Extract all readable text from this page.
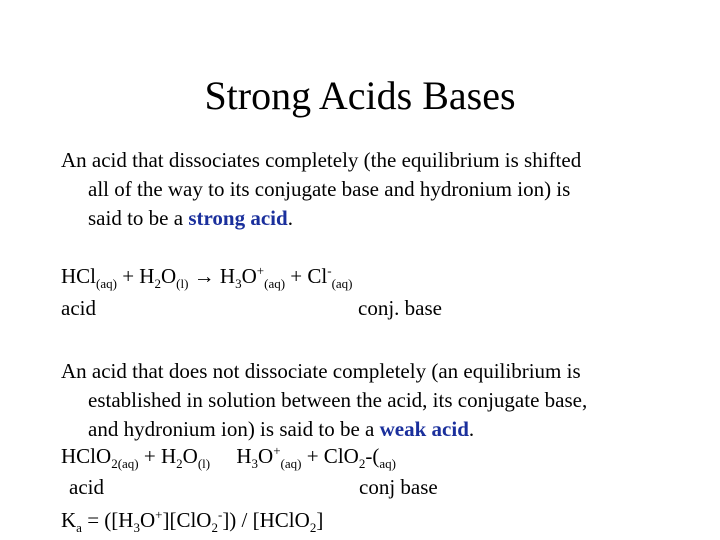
Strong Acids Bases
An acid that dissociates completely (the equilibrium is shifted
all of the way to its conjugate base and hydronium ion) is
said to be a strong acid.
$HCl_{(aq)} + H_2O_{(l)} \to H_3O^+_{(aq)} + Cl^-_{(aq)}$
acid	conj. base
An acid that does not dissociate completely (an equilibrium is
established in solution between the acid, its conjugate base,
and hydronium ion) is said to be a weak acid.
HClO$_{2(aq)}$ + $H_2O_{(l)}$ $H_3O^+_{(aq)} + ClO_2-(_{aq)}$
acid	conj base
$K_a = ([H_3O^+][ClO_2^-])$ / [HClO$_2$]
